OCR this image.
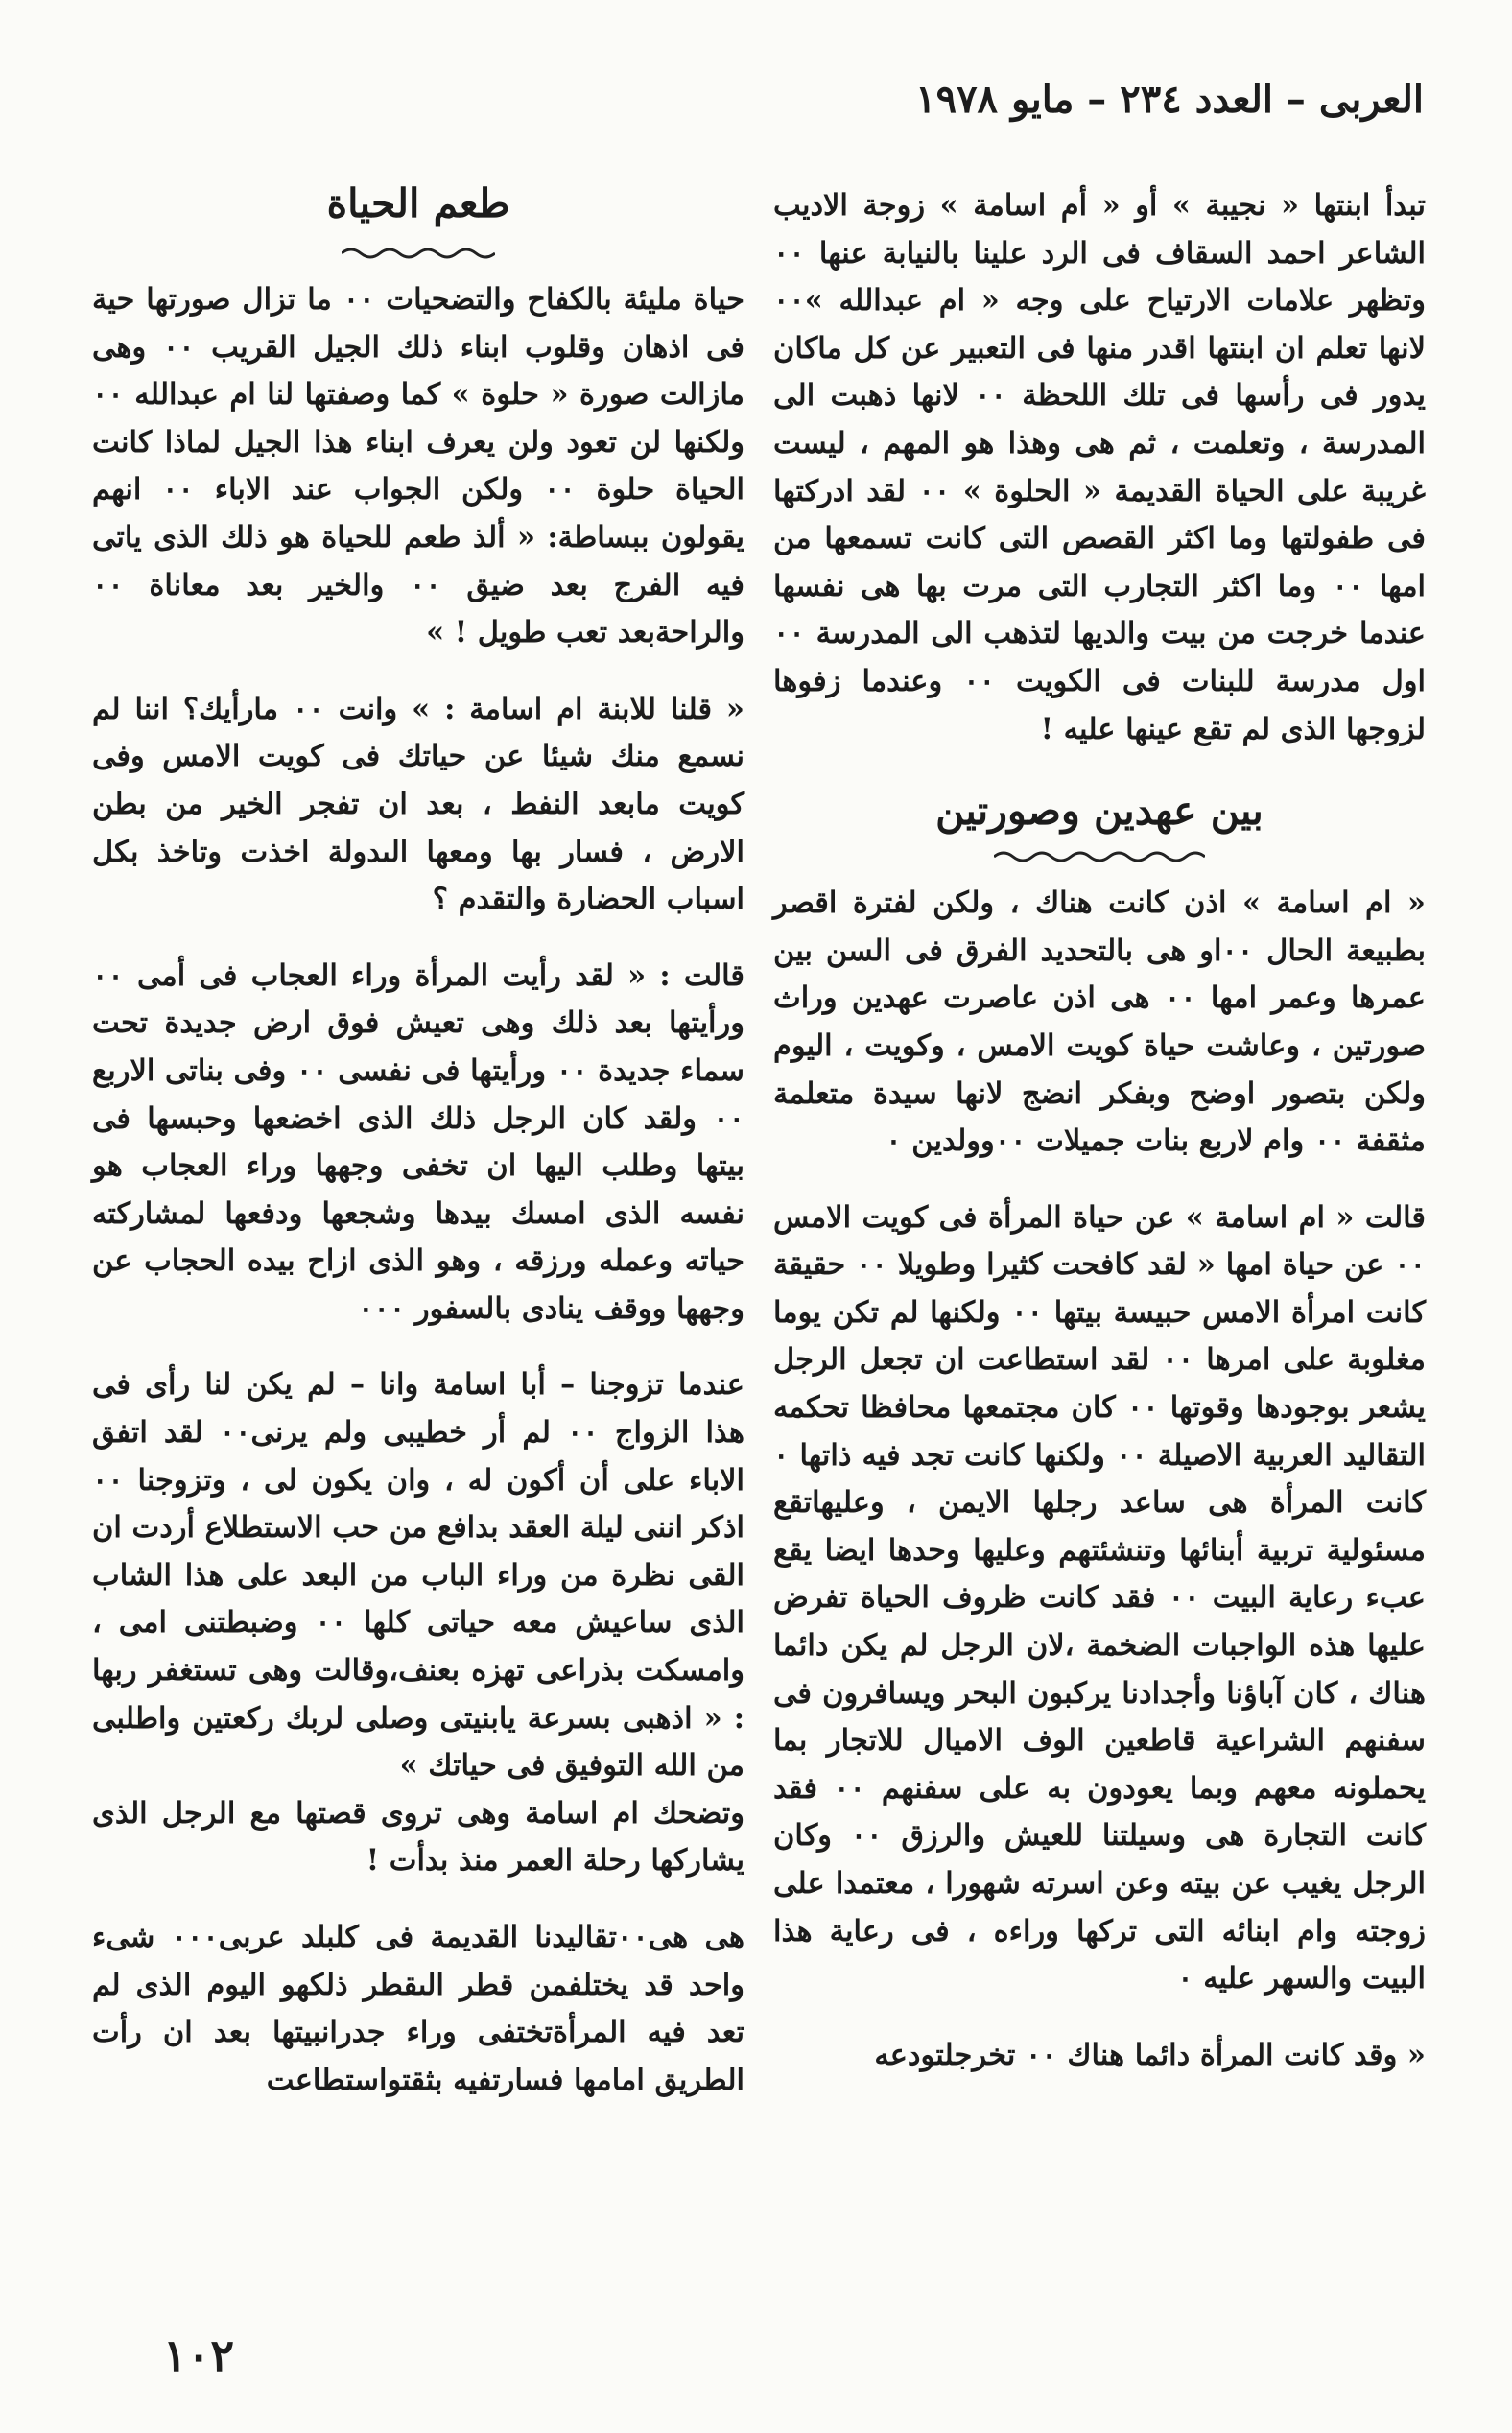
العربى – العدد ٢٣٤ – مايو ١٩٧٨

تبدأ ابنتها « نجيبة » أو « أم اسامة » زوجة الاديب الشاعر احمد السقاف فى الرد علينا بالنيابة عنها ٠٠ وتظهر علامات الارتياح على وجه « ام عبدالله »٠٠ لانها تعلم ان ابنتها اقدر منها فى التعبير عن كل ماكان يدور فى رأسها فى تلك اللحظة ٠٠ لانها ذهبت الى المدرسة ، وتعلمت ، ثم هى وهذا هو المهم ، ليست غريبة على الحياة القديمة « الحلوة » ٠٠ لقد ادركتها فى طفولتها وما اكثر القصص التى كانت تسمعها من امها ٠٠ وما اكثر التجارب التى مرت بها هى نفسها عندما خرجت من بيت والديها لتذهب الى المدرسة ٠٠ اول مدرسة للبنات فى الكويت ٠٠ وعندما زفوها لزوجها الذى لم تقع عينها عليه !

بين عهدين وصورتين

« ام اسامة » اذن كانت هناك ، ولكن لفترة اقصر بطبيعة الحال ٠٠او هى بالتحديد الفرق فى السن بين عمرها وعمر امها ٠٠ هى اذن عاصرت عهدين وراث صورتين ، وعاشت حياة كويت الامس ، وكويت ، اليوم ولكن بتصور اوضح وبفكر انضج لانها سيدة متعلمة مثقفة ٠٠ وام لاربع بنات جميلات ٠٠وولدين ٠

قالت « ام اسامة » عن حياة المرأة فى كويت الامس ٠٠ عن حياة امها « لقد كافحت كثيرا وطويلا ٠٠ حقيقة كانت امرأة الامس حبيسة بيتها ٠٠ ولكنها لم تكن يوما مغلوبة على امرها ٠٠ لقد استطاعت ان تجعل الرجل يشعر بوجودها وقوتها ٠٠ كان مجتمعها محافظا تحكمه التقاليد العربية الاصيلة ٠٠ ولكنها كانت تجد فيه ذاتها ٠ كانت المرأة هى ساعد رجلها الايمن ، وعليهاتقع مسئولية تربية أبنائها وتنشئتهم وعليها وحدها ايضا يقع عبء رعاية البيت ٠٠ فقد كانت ظروف الحياة تفرض عليها هذه الواجبات الضخمة ،لان الرجل لم يكن دائما هناك ، كان آباؤنا وأجدادنا يركبون البحر ويسافرون فى سفنهم الشراعية قاطعين الوف الاميال للاتجار بما يحملونه معهم وبما يعودون به على سفنهم ٠٠ فقد كانت التجارة هى وسيلتنا للعيش والرزق ٠٠ وكان الرجل يغيب عن بيته وعن اسرته شهورا ، معتمدا على زوجته وام ابنائه التى تركها وراءه ، فى رعاية هذا البيت والسهر عليه ٠

« وقد كانت المرأة دائما هناك ٠٠ تخرجلتودعه

طعم الحياة

حياة مليئة بالكفاح والتضحيات ٠٠ ما تزال صورتها حية فى اذهان وقلوب ابناء ذلك الجيل القريب ٠٠ وهى مازالت صورة « حلوة » كما وصفتها لنا ام عبدالله ٠٠ ولكنها لن تعود ولن يعرف ابناء هذا الجيل لماذا كانت الحياة حلوة ٠٠ ولكن الجواب عند الاباء ٠٠ انهم يقولون ببساطة: « ألذ طعم للحياة هو ذلك الذى ياتى فيه الفرج بعد ضيق ٠٠ والخير بعد معاناة ٠٠ والراحةبعد تعب طويل ! »

« قلنا للابنة ام اسامة : » وانت ٠٠ مارأيك؟ اننا لم نسمع منك شيئا عن حياتك فى كويت الامس وفى كويت مابعد النفط ، بعد ان تفجر الخير من بطن الارض ، فسار بها ومعها الىدولة اخذت وتاخذ بكل اسباب الحضارة والتقدم ؟

قالت : « لقد رأيت المرأة وراء العجاب فى أمى ٠٠ ورأيتها بعد ذلك وهى تعيش فوق ارض جديدة تحت سماء جديدة ٠٠ ورأيتها فى نفسى ٠٠ وفى بناتى الاربع ٠٠ ولقد كان الرجل ذلك الذى اخضعها وحبسها فى بيتها وطلب اليها ان تخفى وجهها وراء العجاب هو نفسه الذى امسك بيدها وشجعها ودفعها لمشاركته حياته وعمله ورزقه ، وهو الذى ازاح بيده الحجاب عن وجهها ووقف ينادى بالسفور ٠٠٠

عندما تزوجنا – أبا اسامة وانا – لم يكن لنا رأى فى هذا الزواج ٠٠ لم أر خطيبى ولم يرنى٠٠ لقد اتفق الاباء على أن أكون له ، وان يكون لى ، وتزوجنا ٠٠ اذكر اننى ليلة العقد بدافع من حب الاستطلاع أردت ان القى نظرة من وراء الباب من البعد على هذا الشاب الذى ساعيش معه حياتى كلها ٠٠ وضبطتنى امى ، وامسكت بذراعى تهزه بعنف،وقالت وهى تستغفر ربها : « اذهبى بسرعة يابنيتى وصلى لربك ركعتين واطلبى من الله التوفيق فى حياتك »

وتضحك ام اسامة وهى تروى قصتها مع الرجل الذى يشاركها رحلة العمر منذ بدأت !

هى هى٠٠تقاليدنا القديمة فى كلبلد عربى٠٠٠ شىء واحد قد يختلفمن قطر الىقطر ذلكهو اليوم الذى لم تعد فيه المرأةتختفى وراء جدرانبيتها بعد ان رأت الطريق امامها فسارتفيه بثقتواستطاعت

١٠٢
